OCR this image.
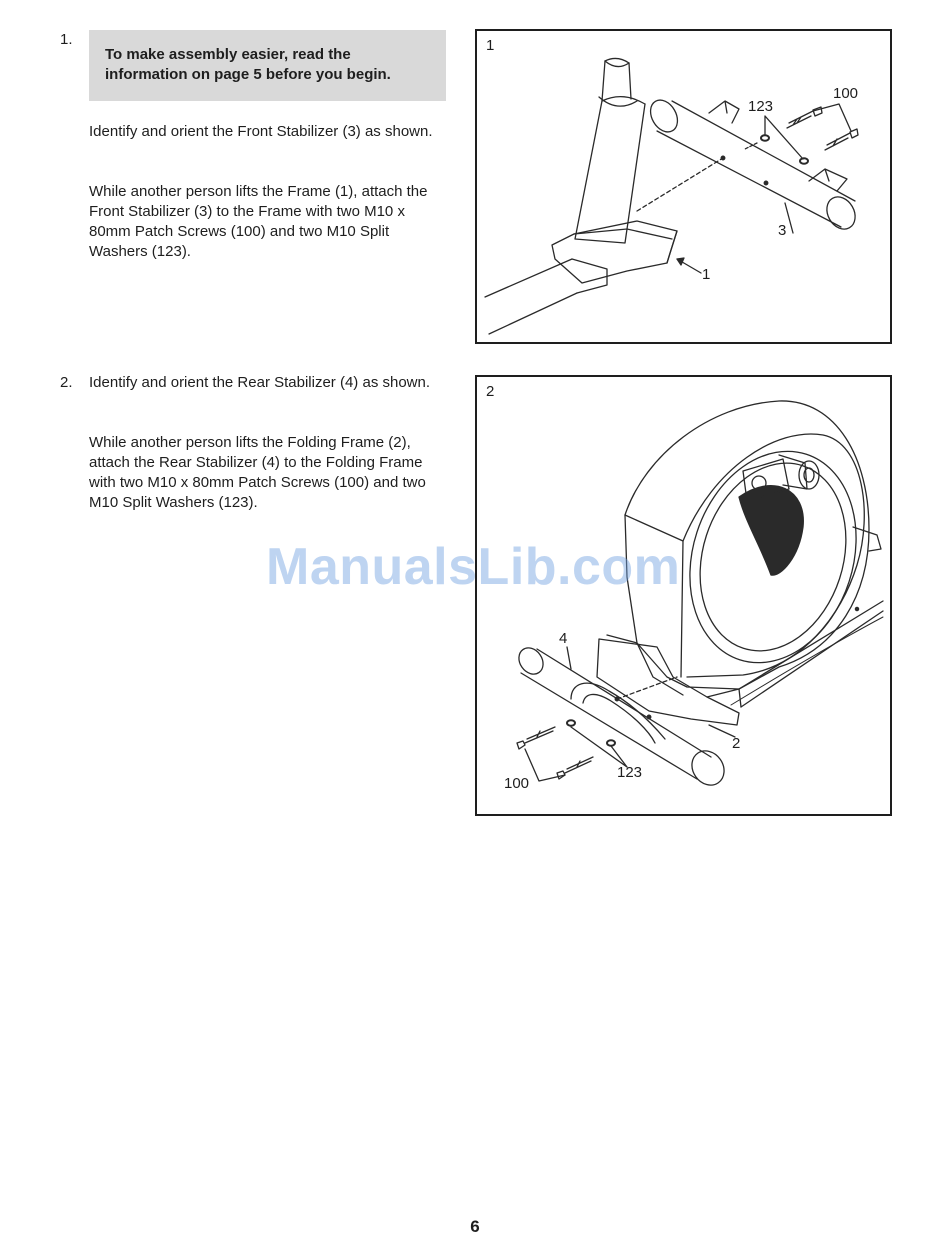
1.

To make assembly easier, read the information on page 5 before you begin.

Identify and orient the Front Stabilizer (3) as shown.

While another person lifts the Frame (1), attach the Front Stabilizer (3) to the Frame with two M10 x 80mm Patch Screws (100) and two M10 Split Washers (123).

100
123
3
1
1
2. Identify and orient the Rear Stabilizer (4) as shown.

While another person lifts the Folding Frame (2), attach the Rear Stabilizer (4) to the Folding Frame with two M10 x 80mm Patch Screws (100) and two M10 Split Washers (123).

4
2
100
123
2
ManualsLib.com
6
